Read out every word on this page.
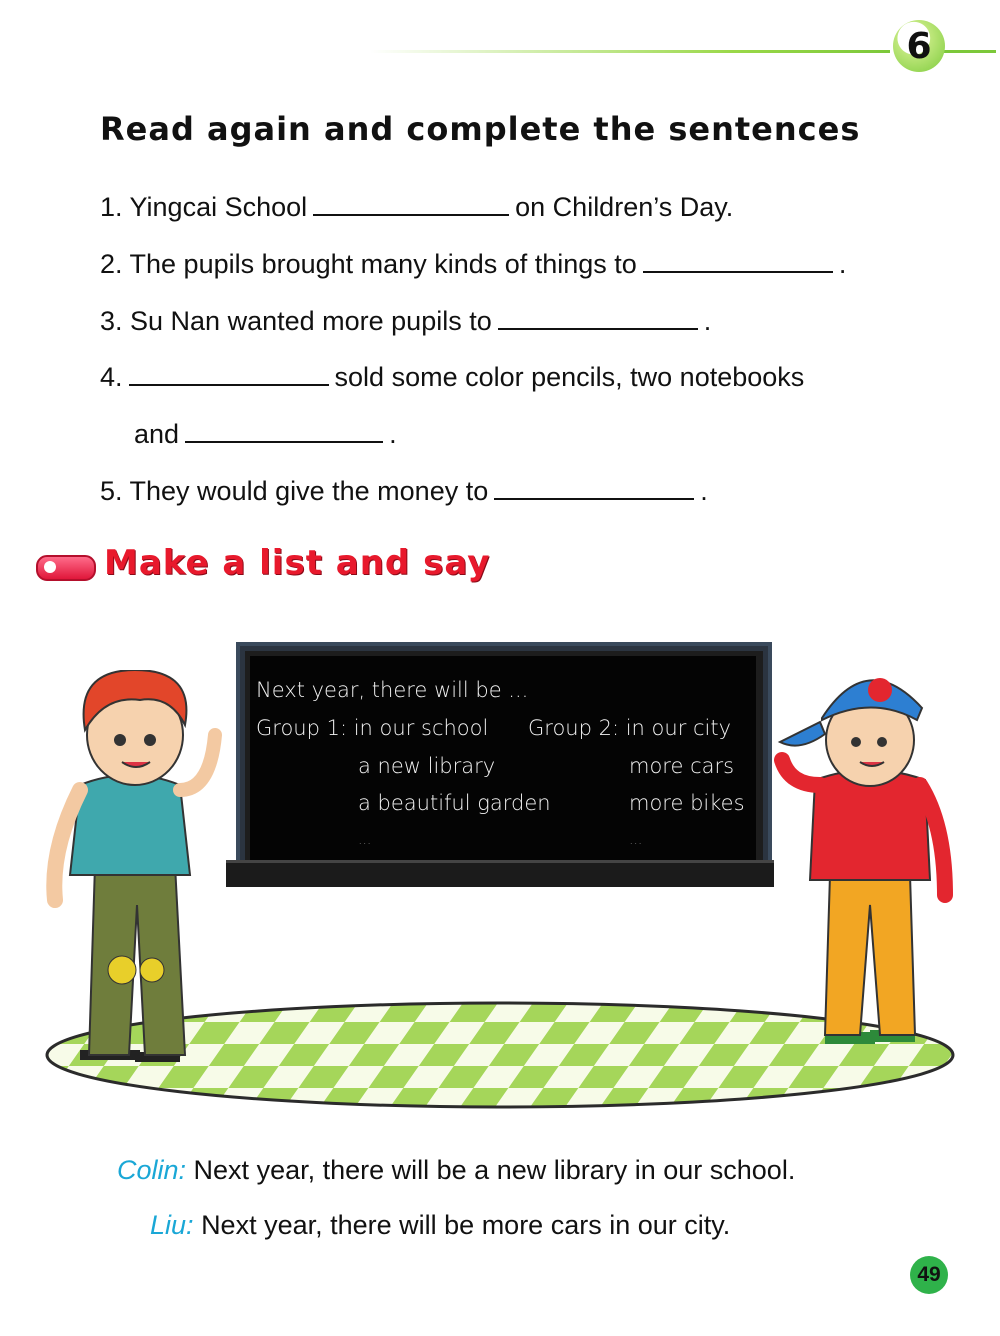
6
Read again and complete the sentences
1. Yingcai School	on Children’s Day.
2. The pupils brought many kinds of things to	.
3. Su Nan wanted more pupils to	.
4.	sold some color pencils, two notebooks
and	.
5. They would give the money to	.
Make a list and say
Next year, there will be ...
Group 1: in our school Group 2: in our city
a new library	more cars
a beautiful garden	more bikes
...	...
Colin: Next year, there will be a new library in our school.
Liu: Next year, there will be more cars in our city.
49
